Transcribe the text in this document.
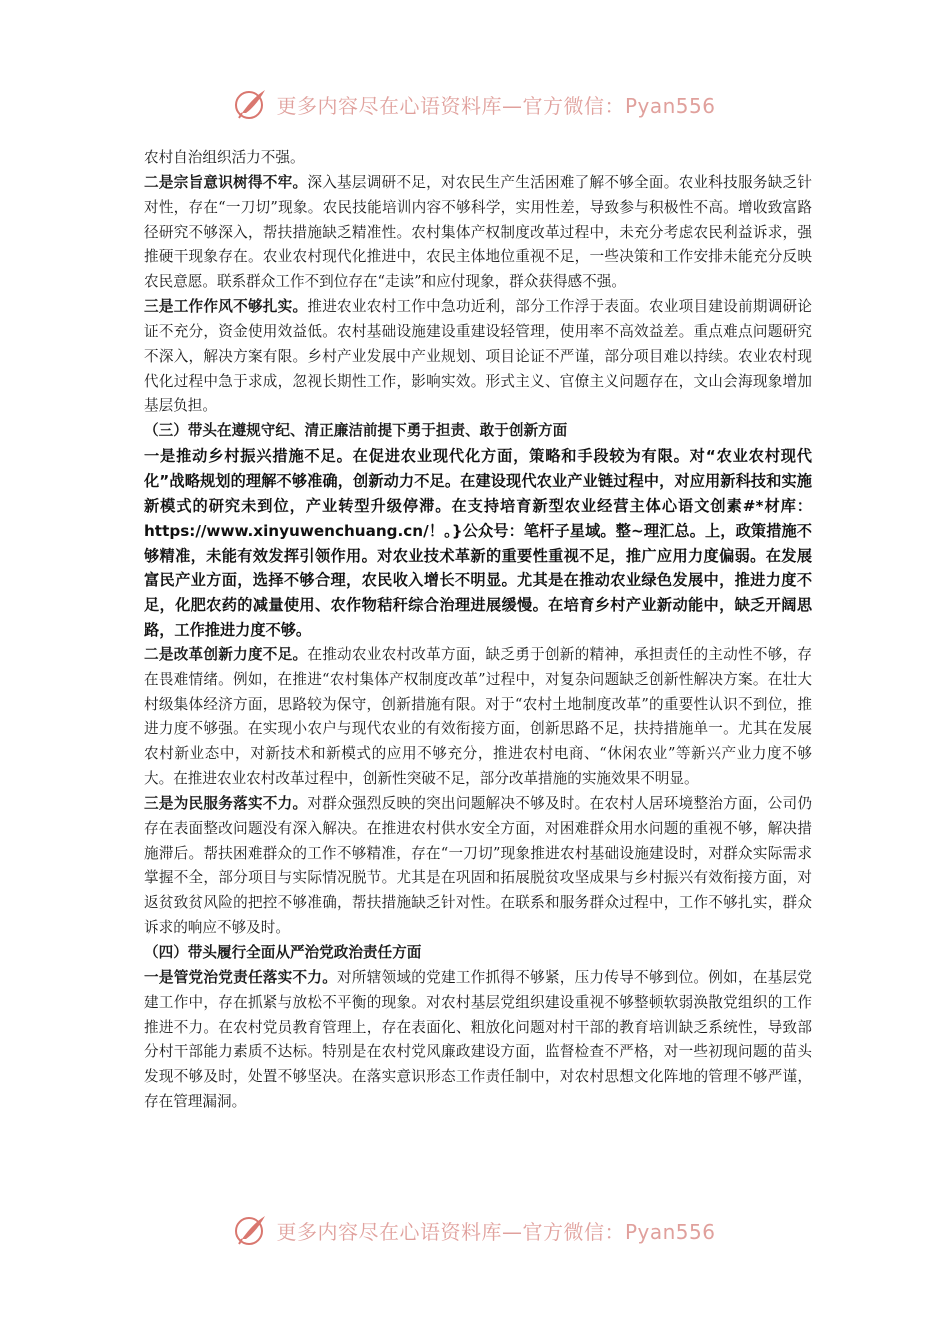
更多内容尽在心语资料库—官方微信：Pyan556

农村自治组织活力不强。

二是宗旨意识树得不牢。深入基层调研不足，对农民生产生活困难了解不够全面。农业科技服务缺乏针对性，存在“一刀切”现象。农民技能培训内容不够科学，实用性差，导致参与积极性不高。增收致富路径研究不够深入，帮扶措施缺乏精准性。农村集体产权制度改革过程中，未充分考虑农民利益诉求，强推硬干现象存在。农业农村现代化推进中，农民主体地位重视不足，一些决策和工作安排未能充分反映农民意愿。联系群众工作不到位存在“走读”和应付现象，群众获得感不强。

三是工作作风不够扎实。推进农业农村工作中急功近利，部分工作浮于表面。农业项目建设前期调研论证不充分，资金使用效益低。农村基础设施建设重建设轻管理，使用率不高效益差。重点难点问题研究不深入，解决方案有限。乡村产业发展中产业规划、项目论证不严谨，部分项目难以持续。农业农村现代化过程中急于求成，忽视长期性工作，影响实效。形式主义、官僚主义问题存在，文山会海现象增加基层负担。

（三）带头在遵规守纪、清正廉洁前提下勇于担责、敢于创新方面

一是推动乡村振兴措施不足。在促进农业现代化方面，策略和手段较为有限。对“农业农村现代化”战略规划的理解不够准确，创新动力不足。在建设现代农业产业链过程中，对应用新科技和实施新模式的研究未到位，产业转型升级停滞。在支持培育新型农业经营主体心语文创素#*材库：https://www.xinyuwenchuang.cn/！。}公众号：笔杆子星域。整~理汇总。上，政策措施不够精准，未能有效发挥引领作用。对农业技术革新的重要性重视不足，推广应用力度偏弱。在发展富民产业方面，选择不够合理，农民收入增长不明显。尤其是在推动农业绿色发展中，推进力度不足，化肥农药的减量使用、农作物秸秆综合治理进展缓慢。在培育乡村产业新动能中，缺乏开阔思路，工作推进力度不够。

二是改革创新力度不足。在推动农业农村改革方面，缺乏勇于创新的精神，承担责任的主动性不够，存在畏难情绪。例如，在推进“农村集体产权制度改革”过程中，对复杂问题缺乏创新性解决方案。在壮大村级集体经济方面，思路较为保守，创新措施有限。对于“农村土地制度改革”的重要性认识不到位，推进力度不够强。在实现小农户与现代农业的有效衔接方面，创新思路不足，扶持措施单一。尤其在发展农村新业态中，对新技术和新模式的应用不够充分，推进农村电商、“休闲农业”等新兴产业力度不够大。在推进农业农村改革过程中，创新性突破不足，部分改革措施的实施效果不明显。

三是为民服务落实不力。对群众强烈反映的突出问题解决不够及时。在农村人居环境整治方面，公司仍存在表面整改问题没有深入解决。在推进农村供水安全方面，对困难群众用水问题的重视不够，解决措施滞后。帮扶困难群众的工作不够精准，存在“一刀切”现象推进农村基础设施建设时，对群众实际需求掌握不全，部分项目与实际情况脱节。尤其是在巩固和拓展脱贫攻坚成果与乡村振兴有效衔接方面，对返贫致贫风险的把控不够准确，帮扶措施缺乏针对性。在联系和服务群众过程中，工作不够扎实，群众诉求的响应不够及时。

（四）带头履行全面从严治党政治责任方面

一是管党治党责任落实不力。对所辖领域的党建工作抓得不够紧，压力传导不够到位。例如，在基层党建工作中，存在抓紧与放松不平衡的现象。对农村基层党组织建设重视不够整顿软弱涣散党组织的工作推进不力。在农村党员教育管理上，存在表面化、粗放化问题对村干部的教育培训缺乏系统性，导致部分村干部能力素质不达标。特别是在农村党风廉政建设方面，监督检查不严格，对一些初现问题的苗头发现不够及时，处置不够坚决。在落实意识形态工作责任制中，对农村思想文化阵地的管理不够严谨，存在管理漏洞。

更多内容尽在心语资料库—官方微信：Pyan556
